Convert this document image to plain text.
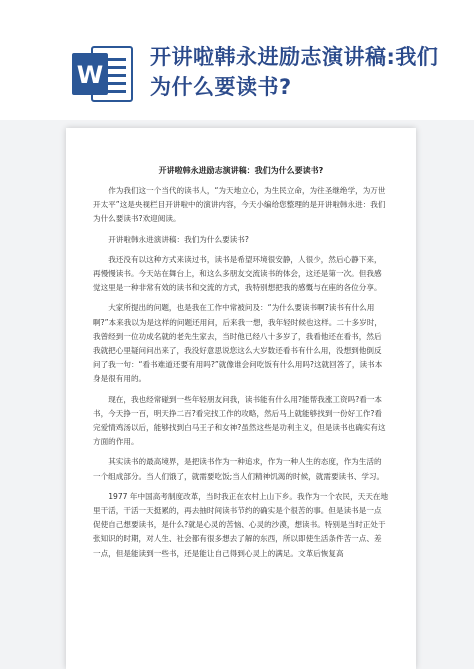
W
开讲啦韩永进励志演讲稿:我们为什么要读书?
开讲啦韩永进励志演讲稿：我们为什么要读书?

作为我们这一个当代的读书人，“为天地立心，为生民立命，为往圣继绝学，为万世开太平”这是央视栏目开讲啦中的演讲内容，今天小编给您整理的是开讲啦韩永进：我们为什么要读书?欢迎阅读。

开讲啦韩永进演讲稿：我们为什么要读书?

我还没有以这种方式来读过书，读书是希望环境很安静，人很少，然后心静下来，再慢慢读书。今天站在舞台上，和这么多朋友交流读书的体会，这还是第一次。但我感觉这里是一种非常有效的读书和交流的方式，我特别想把我的感慨与在座的各位分享。

大家所提出的问题，也是我在工作中常被问及：“为什么要读书啊?读书有什么用啊?”本来我以为是这样的问题还用问，后来我一想，我年轻时候也这样。二十多岁时，我曾经到一位功成名就的老先生家去，当时他已经八十多岁了，我看他还在看书，然后我就把心里疑问问出来了，我没好意思说您这么大岁数还看书有什么用，没想到他倒反问了我一句：“看书难道还要有用吗?”就像谁会问吃饭有什么用吗?这就回答了，读书本身是很有用的。

现在，我也经常碰到一些年轻朋友问我，读书能有什么用?能帮我涨工资吗?看一本书，今天挣一百，明天挣二百?看完找工作的攻略，然后马上就能够找到一份好工作?看完爱情鸡汤以后，能够找到白马王子和女神?虽然这些是功利主义，但是读书也确实有这方面的作用。

其实读书的最高境界，是把读书作为一种追求，作为一种人生的态度，作为生活的一个组成部分。当人们饿了，就需要吃饭;当人们精神饥渴的时候，就需要读书、学习。

1977 年中国高考制度改革，当时我正在农村上山下乡。我作为一个农民，天天在地里干活，干活一天挺累的，再去抽时间读书节约的确实是个很苦的事。但是读书是一点促使自己想要读书，是什么?就是心灵的苦恼、心灵的沙漠，想读书。特别是当时正处于张知识的时期，对人生、社会都有很多想去了解的东西，所以即使生活条件苦一点、差一点，但是能读到一些书，还是能让自己得到心灵上的满足。文革后恢复高
